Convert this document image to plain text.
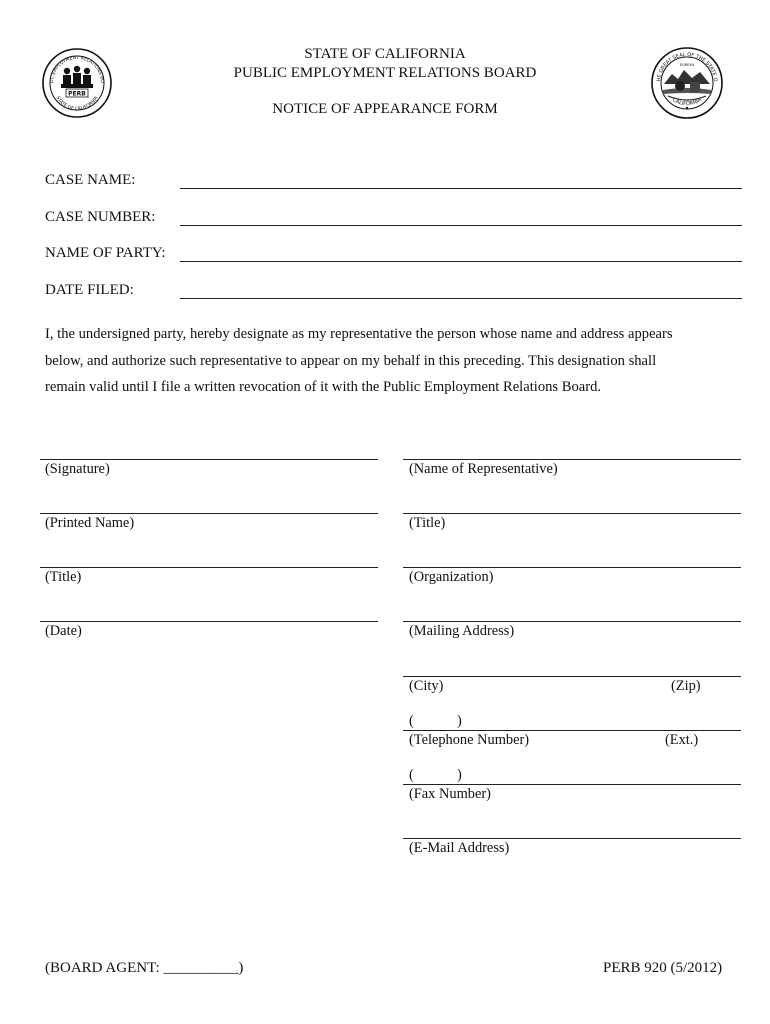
LIC EMPLOYMENT RELATIONS BO
STATE OF CALIFORNIA
PERB
HE GREAT SEAL OF THE STATE O
CALIFORNIA
EUREKA
STATE OF CALIFORNIA
PUBLIC EMPLOYMENT RELATIONS BOARD
NOTICE OF APPEARANCE FORM
CASE NAME:
CASE NUMBER:
NAME OF PARTY:
DATE FILED:
I, the undersigned party, hereby designate as my representative the person whose name and address appears
below, and authorize such representative to appear on my behalf in this preceding. This designation shall
remain valid until I file a written revocation of it with the Public Employment Relations Board.
(Signature)
(Printed Name)
(Title)
(Date)
(Name of Representative)
(Title)
(Organization)
(Mailing Address)
(City)	(Zip)
(            )
(Telephone Number)	(Ext.)
(            )
(Fax Number)
(E-Mail Address)
(BOARD AGENT: __________)	PERB 920 (5/2012)
